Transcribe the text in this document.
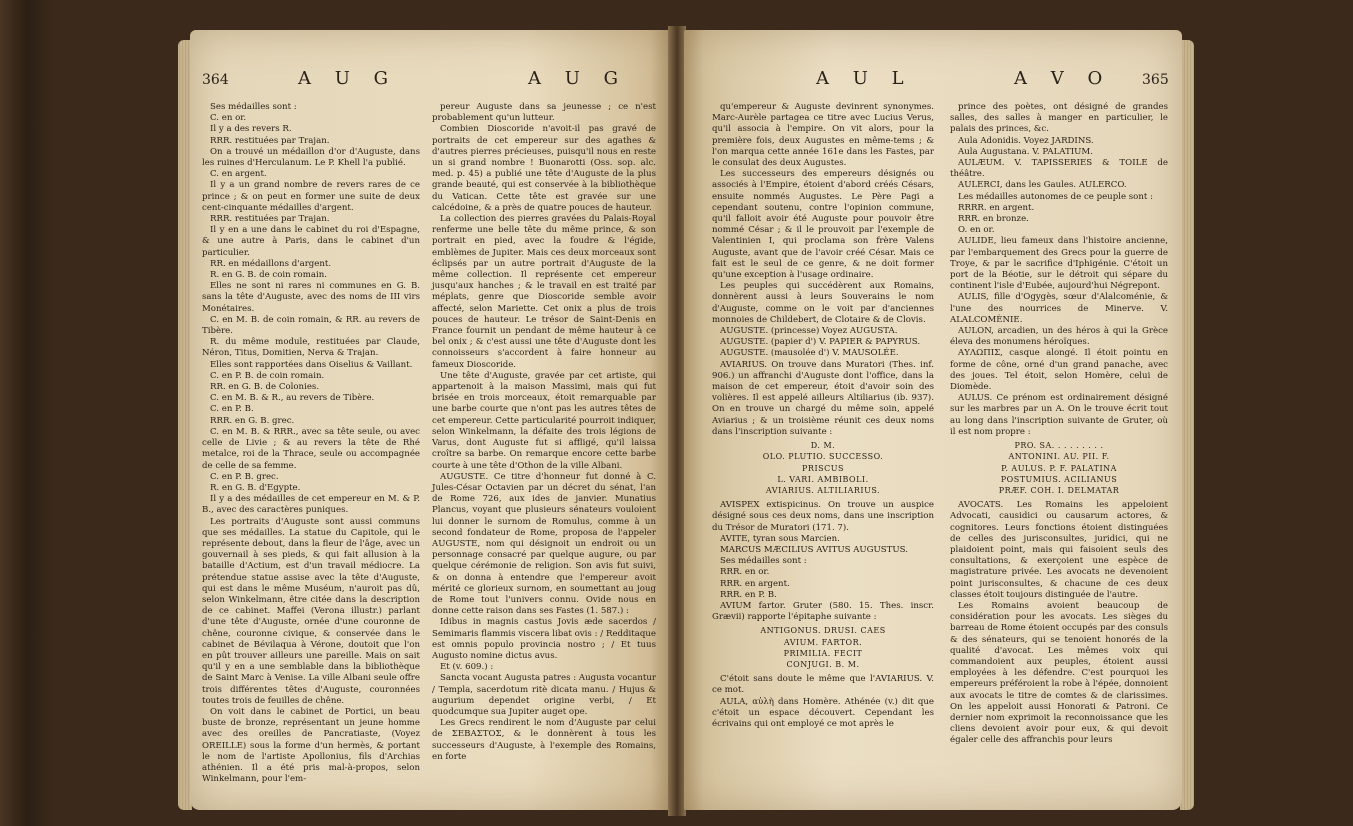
364	A U G	A U G

Ses médailles sont :

C. en or.

Il y a des revers R.

RRR. restituées par Trajan.

On a trouvé un médaillon d'or d'Auguste, dans les ruines d'Herculanum. Le P. Khell l'a publié.

C. en argent.

Il y a un grand nombre de revers rares de ce prince ; & on peut en former une suite de deux cent-cinquante médailles d'argent.

RRR. restituées par Trajan.

Il y en a une dans le cabinet du roi d'Espagne, & une autre à Paris, dans le cabinet d'un particulier.

RR. en médaillons d'argent.

R. en G. B. de coin romain.

Elles ne sont ni rares ni communes en G. B. sans la tête d'Auguste, avec des noms de III virs Monétaires.

C. en M. B. de coin romain, & RR. au revers de Tibère.

R. du même module, restituées par Claude, Néron, Titus, Domitien, Nerva & Trajan.

Elles sont rapportées dans Oiselius & Vaillant.

C. en P. B. de coin romain.

RR. en G. B. de Colonies.

C. en M. B. & R., au revers de Tibère.

C. en P. B.

RRR. en G. B. grec.

C. en M. B. & RRR., avec sa tête seule, ou avec celle de Livie ; & au revers la tête de Rhé metalce, roi de la Thrace, seule ou accompagnée de celle de sa femme.

C. en P. B. grec.

R. en G. B. d'Egypte.

Il y a des médailles de cet empereur en M. & P. B., avec des caractères puniques.

Les portraits d'Auguste sont aussi communs que ses médailles. La statue du Capitole, qui le représente debout, dans la fleur de l'âge, avec un gouvernail à ses pieds, & qui fait allusion à la bataille d'Actium, est d'un travail médiocre. La prétendue statue assise avec la tête d'Auguste, qui est dans le même Muséum, n'auroit pas dû, selon Winkelmann, être citée dans la description de ce cabinet. Maffei (Verona illustr.) parlant d'une tête d'Auguste, ornée d'une couronne de chêne, couronne civique, & conservée dans le cabinet de Bévilaqua à Vérone, doutoit que l'on en pût trouver ailleurs une pareille. Mais on sait qu'il y en a une semblable dans la bibliothèque de Saint Marc à Venise. La ville Albani seule offre trois différentes têtes d'Auguste, couronnées toutes trois de feuilles de chêne.

On voit dans le cabinet de Portici, un beau buste de bronze, représentant un jeune homme avec des oreilles de Pancratiaste, (Voyez OREILLE) sous la forme d'un hermès, & portant le nom de l'artiste Apollonius, fils d'Archias athénien. Il a été pris mal-à-propos, selon Winkelmann, pour l'em-

pereur Auguste dans sa jeunesse ; ce n'est probablement qu'un lutteur.

Combien Dioscoride n'avoit-il pas gravé de portraits de cet empereur sur des agathes & d'autres pierres précieuses, puisqu'il nous en reste un si grand nombre ! Buonarotti (Oss. sop. alc. med. p. 45) a publié une tête d'Auguste de la plus grande beauté, qui est conservée à la bibliothèque du Vatican. Cette tête est gravée sur une calcédoine, & a près de quatre pouces de hauteur.

La collection des pierres gravées du Palais-Royal renferme une belle tête du même prince, & son portrait en pied, avec la foudre & l'égide, emblèmes de Jupiter. Mais ces deux morceaux sont éclipsés par un autre portrait d'Auguste de la même collection. Il représente cet empereur jusqu'aux hanches ; & le travail en est traité par méplats, genre que Dioscoride semble avoir affecté, selon Mariette. Cet onix a plus de trois pouces de hauteur. Le trésor de Saint-Denis en France fournit un pendant de même hauteur à ce bel onix ; & c'est aussi une tête d'Auguste dont les connoisseurs s'accordent à faire honneur au fameux Dioscoride.

Une tête d'Auguste, gravée par cet artiste, qui appartenoit à la maison Massimi, mais qui fut brisée en trois morceaux, étoit remarquable par une barbe courte que n'ont pas les autres têtes de cet empereur. Cette particularité pourroit indiquer, selon Winkelmann, la défaite des trois légions de Varus, dont Auguste fut si affligé, qu'il laissa croître sa barbe. On remarque encore cette barbe courte à une tête d'Othon de la ville Albani.

AUGUSTE. Ce titre d'honneur fut donné à C. Jules-César Octavien par un décret du sénat, l'an de Rome 726, aux ides de janvier. Munatius Plancus, voyant que plusieurs sénateurs vouloient lui donner le surnom de Romulus, comme à un second fondateur de Rome, proposa de l'appeler AUGUSTE, nom qui désignoit un endroit ou un personnage consacré par quelque augure, ou par quelque cérémonie de religion. Son avis fut suivi, & on donna à entendre que l'empereur avoit mérité ce glorieux surnom, en soumettant au joug de Rome tout l'univers connu. Ovide nous en donne cette raison dans ses Fastes (1. 587.) :

Idibus in magnis castus Jovis æde sacerdos / Semimaris flammis viscera libat ovis : / Redditaque est omnis populo provincia nostro ; / Et tuus Augusto nomine dictus avus.

Et (v. 609.) :

Sancta vocant Augusta patres : Augusta vocantur / Templa, sacerdotum ritè dicata manu. / Hujus & augurium dependet origine verbi, / Et quodcumque sua Jupiter auget ope.

Les Grecs rendirent le nom d'Auguste par celui de ΣΕΒΑΣΤΟΣ, & le donnèrent à tous les successeurs d'Auguste, à l'exemple des Romains, en forte

A U L	A V O 365

qu'empereur & Auguste devinrent synonymes. Marc-Aurèle partagea ce titre avec Lucius Verus, qu'il associa à l'empire. On vit alors, pour la première fois, deux Augustes en même-tems ; & l'on marqua cette année 161e dans les Fastes, par le consulat des deux Augustes.

Les successeurs des empereurs désignés ou associés à l'Empire, étoient d'abord créés Césars, ensuite nommés Augustes. Le Père Pagi a cependant soutenu, contre l'opinion commune, qu'il falloit avoir été Auguste pour pouvoir être nommé César ; & il le prouvoit par l'exemple de Valentinien I, qui proclama son frère Valens Auguste, avant que de l'avoir créé César. Mais ce fait est le seul de ce genre, & ne doit former qu'une exception à l'usage ordinaire.

Les peuples qui succédèrent aux Romains, donnèrent aussi à leurs Souverains le nom d'Auguste, comme on le voit par d'anciennes monnoies de Childebert, de Clotaire & de Clovis.

AUGUSTE. (princesse) Voyez AUGUSTA.

AUGUSTE. (papier d') V. PAPIER & PAPYRUS.

AUGUSTE. (mausolée d') V. MAUSOLÉE.

AVIARIUS. On trouve dans Muratori (Thes. inf. 906.) un affranchi d'Auguste dont l'office, dans la maison de cet empereur, étoit d'avoir soin des volières. Il est appelé ailleurs Altiliarius (ib. 937). On en trouve un chargé du même soin, appelé Aviarius ; & un troisième réunit ces deux noms dans l'inscription suivante :

D. M.

OLO. PLUTIO. SUCCESSO.

PRISCUS

L. VARI. AMBIBOLI.

AVIARIUS. ALTILIARIUS.

AVISPEX extispicinus. On trouve un auspice désigné sous ces deux noms, dans une inscription du Trésor de Muratori (171. 7).

AVITE, tyran sous Marcien.

MARCUS MÆCILIUS AVITUS AUGUSTUS.

Ses médailles sont :

RRR. en or.

RRR. en argent.

RRR. en P. B.

AVIUM fartor. Gruter (580. 15. Thes. inscr. Grævii) rapporte l'épitaphe suivante :

ANTIGONUS. DRUSI. CAES

AVIUM. FARTOR.

PRIMILIA. FECIT

CONJUGI. B. M.

C'étoit sans doute le même que l'AVIARIUS. V. ce mot.

AULA, αὐλὴ dans Homère. Athénée (v.) dit que c'étoit un espace découvert. Cependant les écrivains qui ont employé ce mot après le

prince des poètes, ont désigné de grandes salles, des salles à manger en particulier, le palais des princes, &c.

Aula Adonidis. Voyez JARDINS.

Aula Augustana. V. PALATIUM.

AULÆUM. V. TAPISSERIES & TOILE de théâtre.

AULERCI, dans les Gaules. AULERCO.

Les médailles autonomes de ce peuple sont :

RRRR. en argent.

RRR. en bronze.

O. en or.

AULIDE, lieu fameux dans l'histoire ancienne, par l'embarquement des Grecs pour la guerre de Troye, & par le sacrifice d'Iphigénie. C'étoit un port de la Béotie, sur le détroit qui sépare du continent l'isle d'Eubée, aujourd'hui Négrepont.

AULIS, fille d'Ogygès, sœur d'Alalcoménie, & l'une des nourrices de Minerve. V. ALALCOMÈNIE.

AULON, arcadien, un des héros à qui la Grèce éleva des monumens héroïques.

ΑΥΛΩΠΙΣ, casque alongé. Il étoit pointu en forme de cône, orné d'un grand panache, avec des joues. Tel étoit, selon Homère, celui de Diomède.

AULUS. Ce prénom est ordinairement désigné sur les marbres par un A. On le trouve écrit tout au long dans l'inscription suivante de Gruter, où il est nom propre :

PRO. SA. . . . . . . . .

ANTONINI. AU. PII. F.

P. AULUS. P. F. PALATINA

POSTUMIUS. ACILIANUS

PRÆF. COH. I. DELMATAR

AVOCATS. Les Romains les appeloient Advocati, causidici ou causarum actores, & cognitores. Leurs fonctions étoient distinguées de celles des jurisconsultes, juridici, qui ne plaidoient point, mais qui faisoient seuls des consultations, & exerçoient une espèce de magistrature privée. Les avocats ne devenoient point jurisconsultes, & chacune de ces deux classes étoit toujours distinguée de l'autre.

Les Romains avoient beaucoup de considération pour les avocats. Les sièges du barreau de Rome étoient occupés par des consuls & des sénateurs, qui se tenoient honorés de la qualité d'avocat. Les mêmes voix qui commandoient aux peuples, étoient aussi employées à les défendre. C'est pourquoi les empereurs préféroient la robe à l'épée, donnoient aux avocats le titre de comtes & de clarissimes. On les appeloit aussi Honorati & Patroni. Ce dernier nom exprimoit la reconnoissance que les cliens devoient avoir pour eux, & qui devoit égaler celle des affranchis pour leurs
